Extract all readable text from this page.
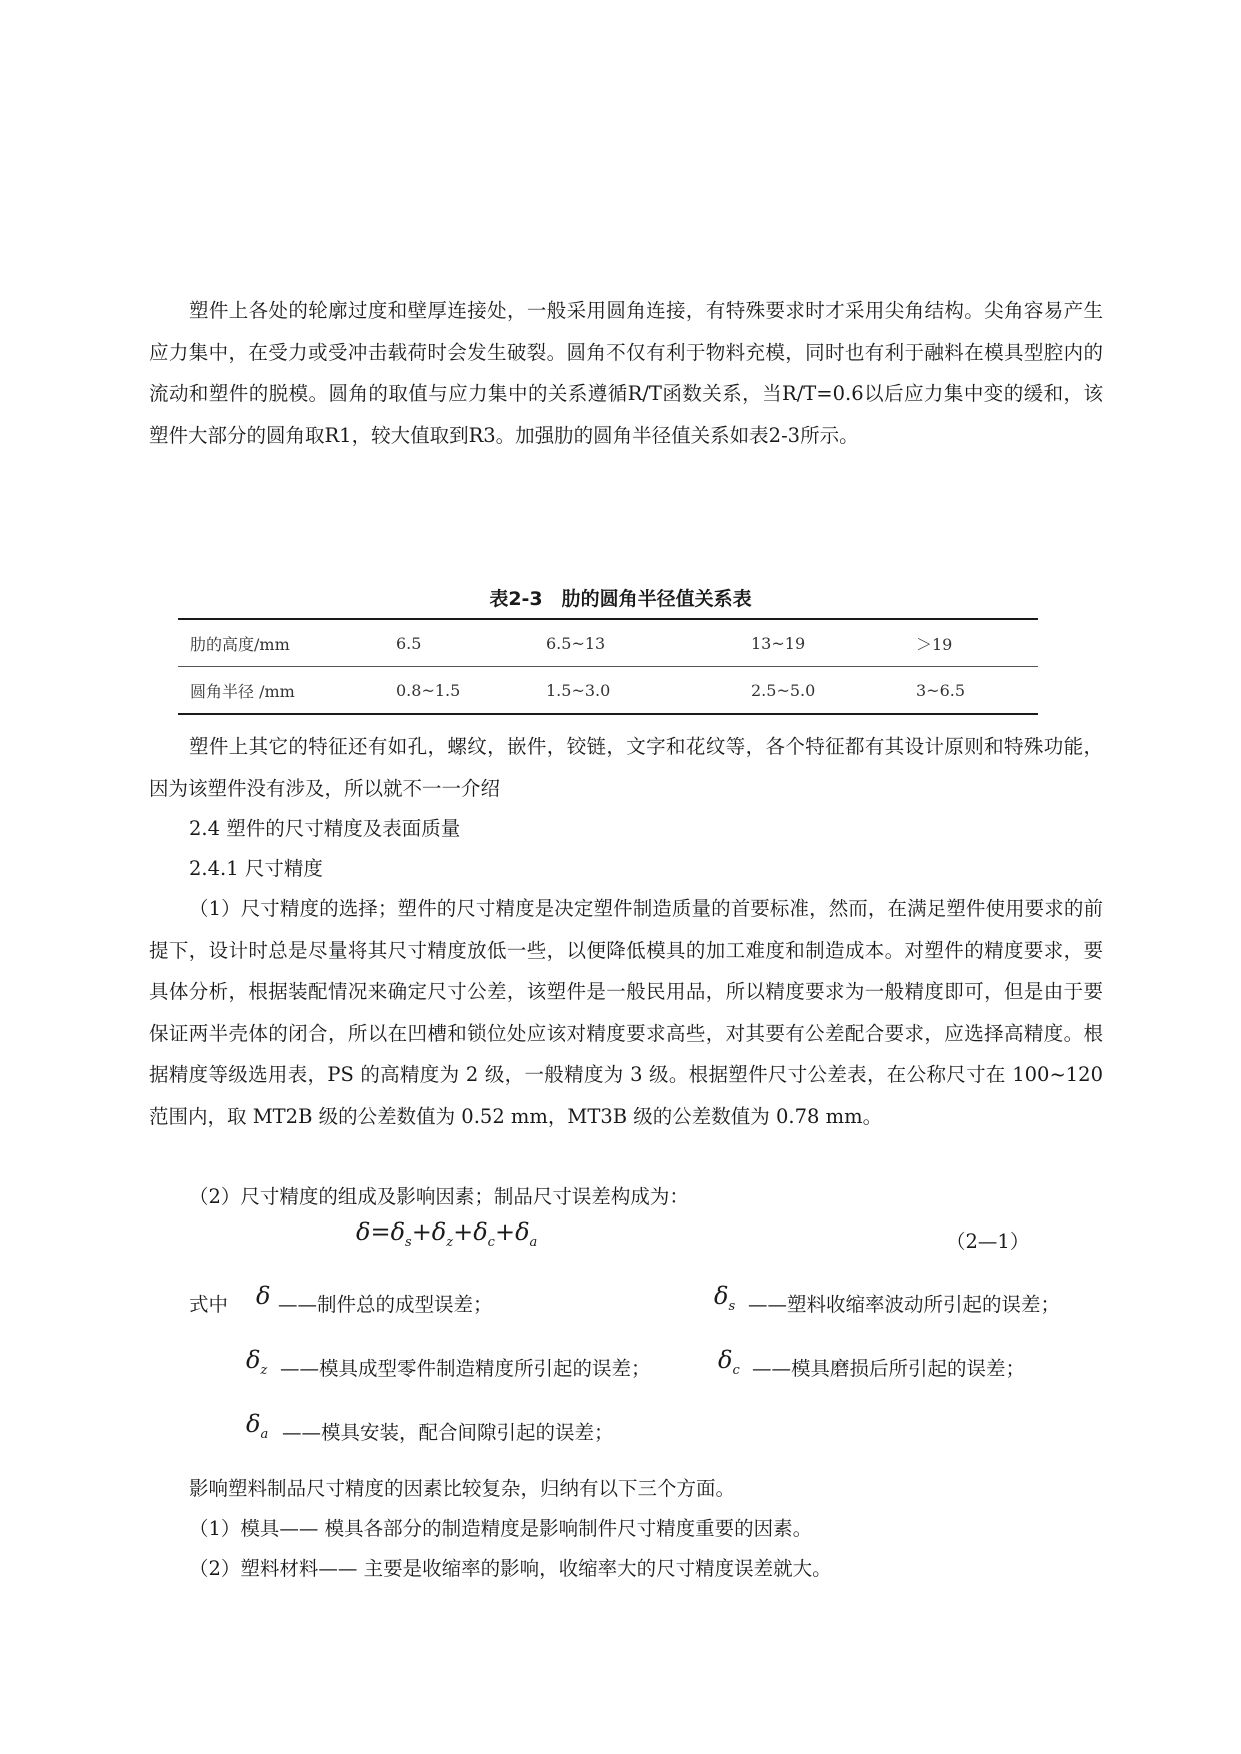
塑件上各处的轮廓过度和壁厚连接处，一般采用圆角连接，有特殊要求时才采用尖角结构。尖角容易产生应力集中，在受力或受冲击载荷时会发生破裂。圆角不仅有利于物料充模，同时也有利于融料在模具型腔内的流动和塑件的脱模。圆角的取值与应力集中的关系遵循R/T函数关系，当R/T=0.6以后应力集中变的缓和，该塑件大部分的圆角取R1，较大值取到R3。加强肋的圆角半径值关系如表2-3所示。

表2-3　肋的圆角半径值关系表
肋的高度/mm	6.5	6.5~13	13~19	＞19
圆角半径 /mm	0.8~1.5	1.5~3.0	2.5~5.0	3~6.5

塑件上其它的特征还有如孔，螺纹，嵌件，铰链，文字和花纹等，各个特征都有其设计原则和特殊功能，因为该塑件没有涉及，所以就不一一介绍

2.4 塑件的尺寸精度及表面质量

2.4.1 尺寸精度

（1）尺寸精度的选择；塑件的尺寸精度是决定塑件制造质量的首要标准，然而，在满足塑件使用要求的前提下，设计时总是尽量将其尺寸精度放低一些，以便降低模具的加工难度和制造成本。对塑件的精度要求，要具体分析，根据装配情况来确定尺寸公差，该塑件是一般民用品，所以精度要求为一般精度即可，但是由于要保证两半壳体的闭合，所以在凹槽和锁位处应该对精度要求高些，对其要有公差配合要求，应选择高精度。根据精度等级选用表，PS 的高精度为 2 级，一般精度为 3 级。根据塑件尺寸公差表，在公称尺寸在 100~120 范围内，取 MT2B 级的公差数值为 0.52 mm，MT3B 级的公差数值为 0.78 mm。

（2）尺寸精度的组成及影响因素；制品尺寸误差构成为：

$\delta=\delta_s+\delta_z+\delta_c+\delta_a$	（2—1）
式中 δ ——制件总的成型误差；	$\delta_s$ ——塑料收缩率波动所引起的误差；
$\delta_z$ ——模具成型零件制造精度所引起的误差；	$\delta_c$ ——模具磨损后所引起的误差；
$\delta_a$ ——模具安装，配合间隙引起的误差；

影响塑料制品尺寸精度的因素比较复杂，归纳有以下三个方面。

（1）模具—— 模具各部分的制造精度是影响制件尺寸精度重要的因素。

（2）塑料材料—— 主要是收缩率的影响，收缩率大的尺寸精度误差就大。
